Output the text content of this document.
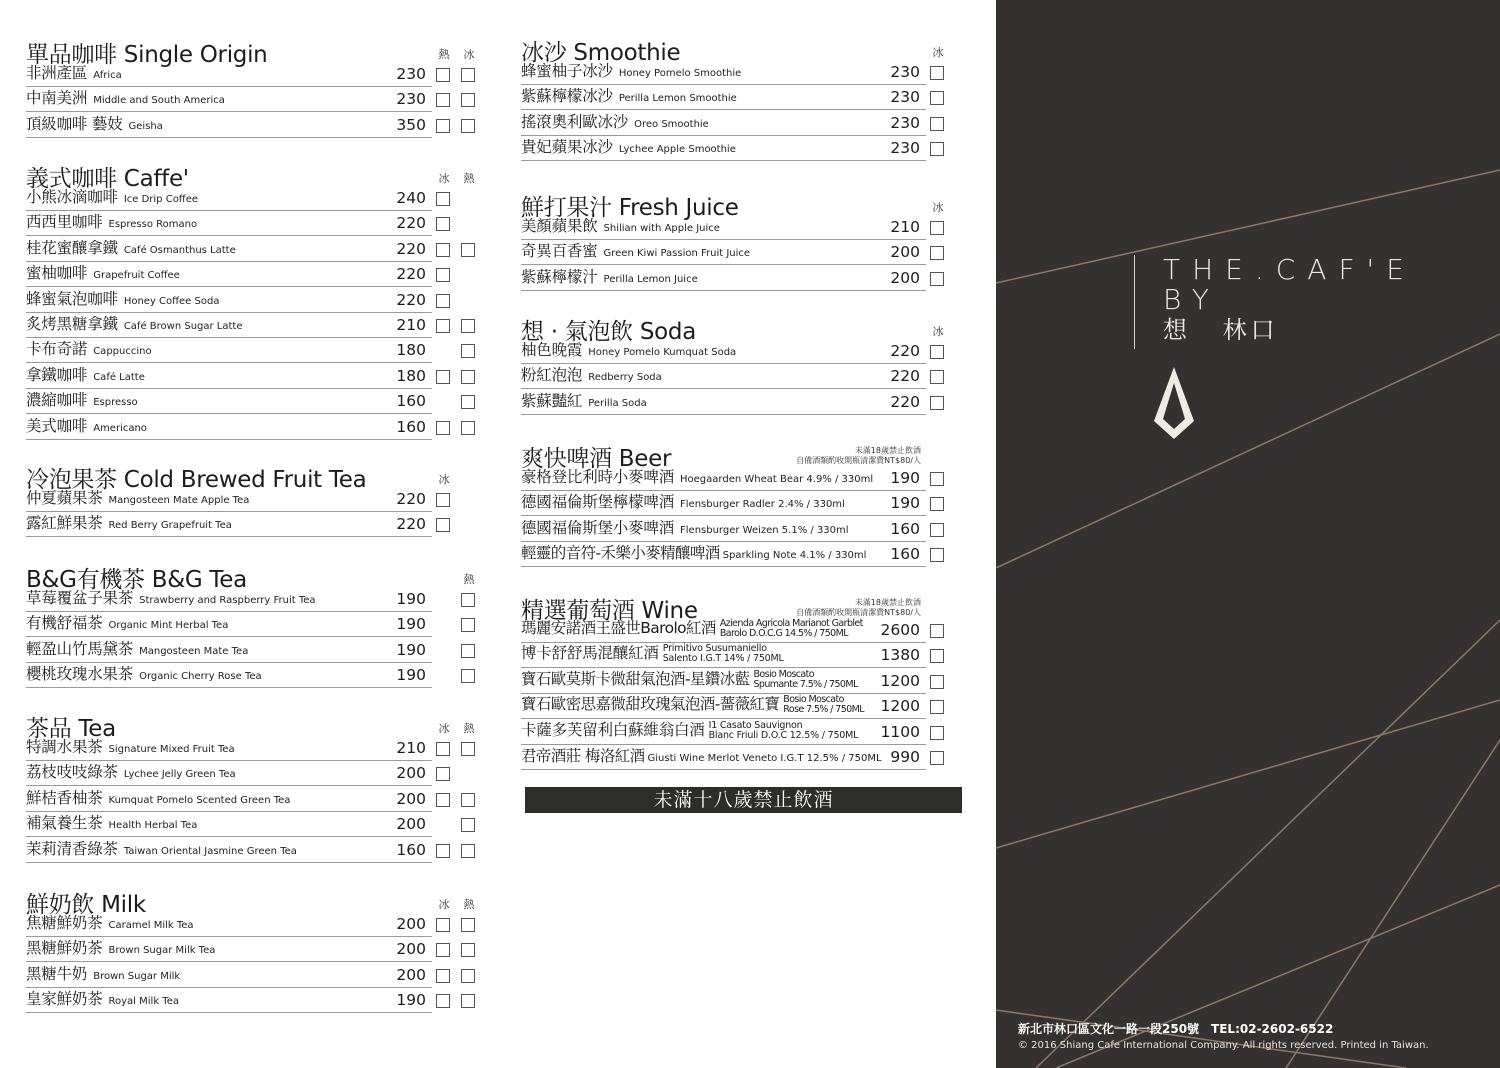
單品咖啡 Single Origin	熱 冰
非洲產區 Africa	230
中南美洲 Middle and South America	230
頂級咖啡 藝妓 Geisha	350
義式咖啡 Caffe'	冰 熱
小熊冰滴咖啡 Ice Drip Coffee	240
西西里咖啡 Espresso Romano	220
桂花蜜釀拿鐵 Café Osmanthus Latte	220
蜜柚咖啡 Grapefruit Coffee	220
蜂蜜氣泡咖啡 Honey Coffee Soda	220
炙烤黑糖拿鐵 Café Brown Sugar Latte	210
卡布奇諾 Cappuccino	180
拿鐵咖啡 Café Latte	180
濃縮咖啡 Espresso	160
美式咖啡 Americano	160
冷泡果茶 Cold Brewed Fruit Tea	冰
仲夏蘋果茶 Mangosteen Mate Apple Tea	220
露紅鮮果茶 Red Berry Grapefruit Tea	220
B&G有機茶 B&G Tea	熱
草莓覆盆子果茶 Strawberry and Raspberry Fruit Tea	190
有機舒福茶 Organic Mint Herbal Tea	190
輕盈山竹馬黛茶 Mangosteen Mate Tea	190
櫻桃玫瑰水果茶 Organic Cherry Rose Tea	190
茶品 Tea	冰 熱
特調水果茶 Signature Mixed Fruit Tea	210
荔枝吱吱綠茶 Lychee Jelly Green Tea	200
鮮桔香柚茶 Kumquat Pomelo Scented Green Tea	200
補氣養生茶 Health Herbal Tea	200
茉莉清香綠茶 Taiwan Oriental Jasmine Green Tea	160
鮮奶飲 Milk	冰 熱
焦糖鮮奶茶 Caramel Milk Tea	200
黑糖鮮奶茶 Brown Sugar Milk Tea	200
黑糖牛奶 Brown Sugar Milk	200
皇家鮮奶茶 Royal Milk Tea	190
冰沙 Smoothie	冰
蜂蜜柚子冰沙 Honey Pomelo Smoothie	230
紫蘇檸檬冰沙 Perilla Lemon Smoothie	230
搖滾奧利歐冰沙 Oreo Smoothie	230
貴妃蘋果冰沙 Lychee Apple Smoothie	230
鮮打果汁 Fresh Juice	冰
美顏蘋果飲 Shilian with Apple Juice	210
奇異百香蜜 Green Kiwi Passion Fruit Juice	200
紫蘇檸檬汁 Perilla Lemon Juice	200
想 · 氣泡飲 Soda	冰
柚色晚霞 Honey Pomelo Kumquat Soda	220
粉紅泡泡 Redberry Soda	220
紫蘇豔紅 Perilla Soda	220
爽快啤酒 Beer	未滿18歲禁止飲酒
自備酒類酌收開瓶清潔費NT$80/人
豪格登比利時小麥啤酒 Hoegaarden Wheat Bear 4.9% / 330ml 190
德國福倫斯堡檸檬啤酒 Flensburger Radler 2.4% / 330ml	190
德國福倫斯堡小麥啤酒 Flensburger Weizen 5.1% / 330ml	160
輕靈的音符-禾樂小麥精釀啤酒 Sparkling Note 4.1% / 330ml 160
精選葡萄酒 Wine	未滿18歲禁止飲酒
自備酒類酌收開瓶清潔費NT$80/人
瑪麗安諾酒王盛世Barolo紅酒 Azienda Agricola Marianot Garblet
Barolo D.O.C.G 14.5% / 750ML	2600
博卡舒舒馬混釀紅酒 Primitivo Susumaniello
Salento I.G.T 14% / 750ML	1380
寶石歐莫斯卡微甜氣泡酒-星鑽冰藍 Bosio Moscato
Spumante 7.5% / 750ML 1200
寶石歐密思嘉微甜玫瑰氣泡酒-薔薇紅寶 Bosio Moscato
Rose 7.5% / 750ML 1200
卡薩多芙留利白蘇維翁白酒 I1 Casato Sauvignon
Blanc Friuli D.O.C 12.5% / 750ML 1100
君帝酒莊 梅洛紅酒 Giusti Wine Merlot Veneto I.G.T 12.5% / 750ML 990
未滿十八歲禁止飲酒
THE.CAF'E
BY
想 林口
新北市林口區文化一路一段250號　TEL:02-2602-6522
© 2016 Shiang Cafe International Company. All rights reserved. Printed in Taiwan.
